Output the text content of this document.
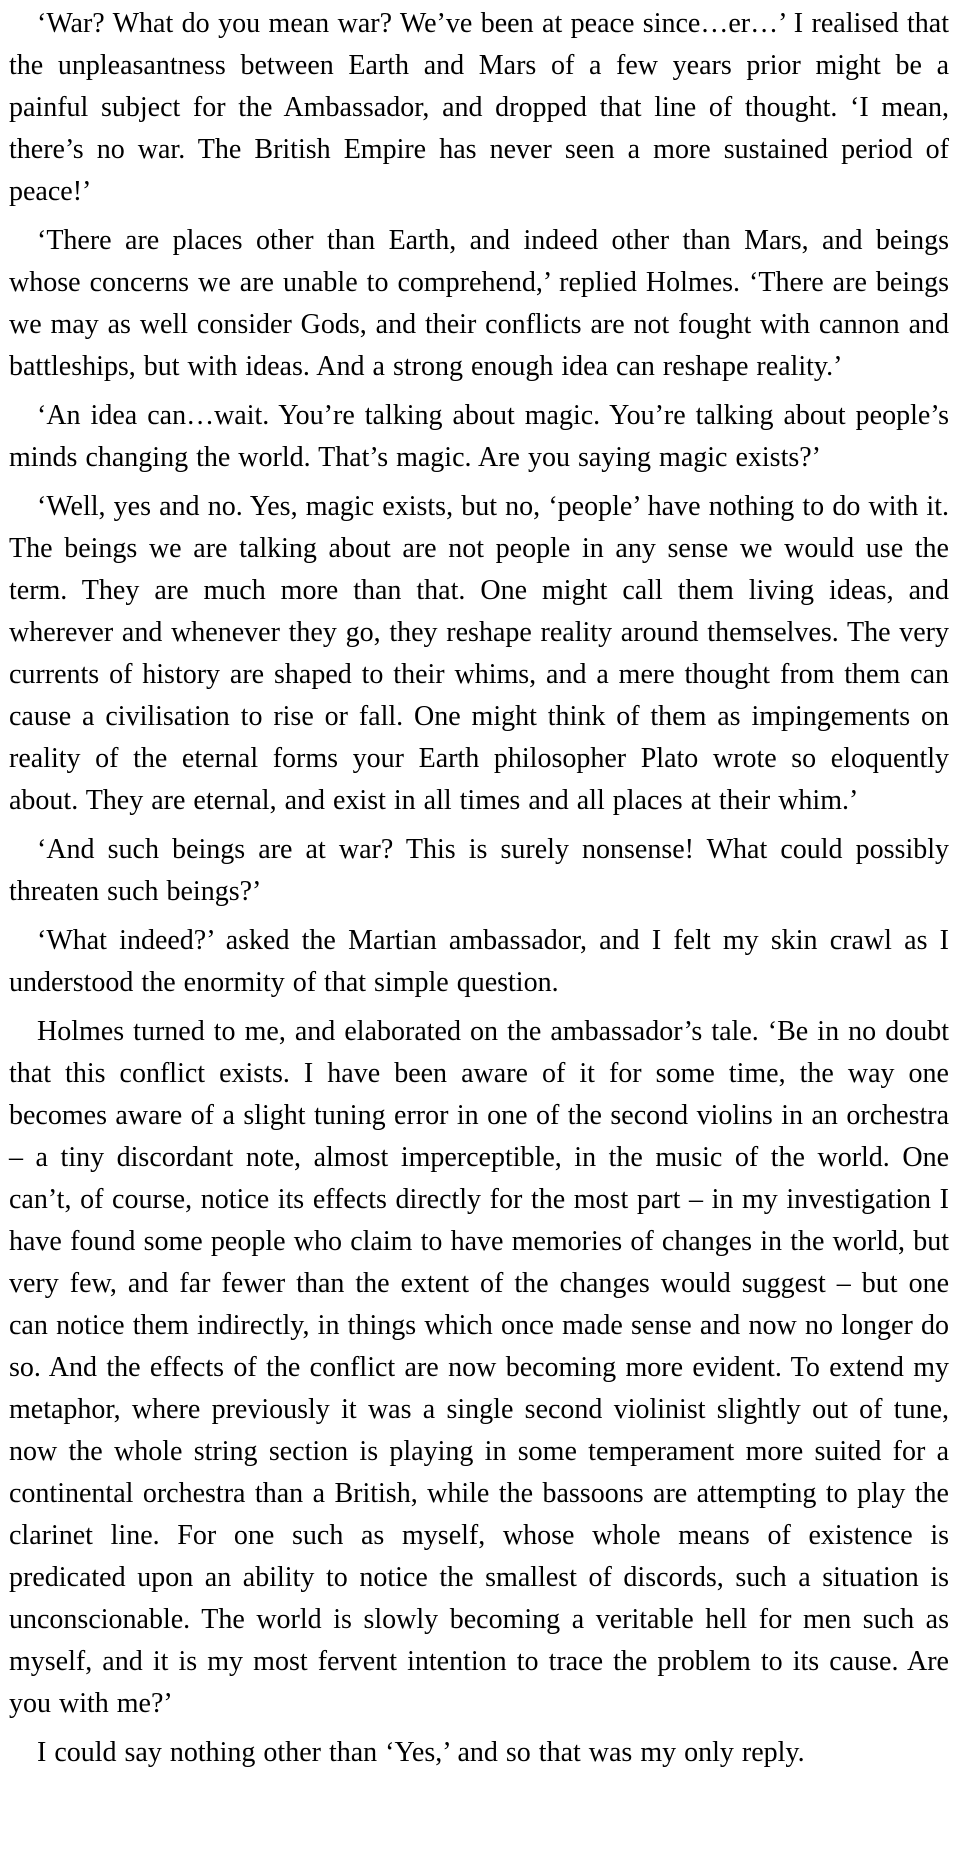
‘War? What do you mean war? We’ve been at peace since…er…’ I realised that the unpleasantness between Earth and Mars of a few years prior might be a painful subject for the Ambassador, and dropped that line of thought. ‘I mean, there’s no war. The British Empire has never seen a more sustained period of peace!’

‘There are places other than Earth, and indeed other than Mars, and beings whose concerns we are unable to comprehend,’ replied Holmes. ‘There are beings we may as well consider Gods, and their conflicts are not fought with cannon and battleships, but with ideas. And a strong enough idea can reshape reality.’

‘An idea can…wait. You’re talking about magic. You’re talking about people’s minds changing the world. That’s magic. Are you saying magic exists?’

‘Well, yes and no. Yes, magic exists, but no, ‘people’ have nothing to do with it. The beings we are talking about are not people in any sense we would use the term. They are much more than that. One might call them living ideas, and wherever and whenever they go, they reshape reality around themselves. The very currents of history are shaped to their whims, and a mere thought from them can cause a civilisation to rise or fall. One might think of them as impingements on reality of the eternal forms your Earth philosopher Plato wrote so eloquently about. They are eternal, and exist in all times and all places at their whim.’

‘And such beings are at war? This is surely nonsense! What could possibly threaten such beings?’

‘What indeed?’ asked the Martian ambassador, and I felt my skin crawl as I understood the enormity of that simple question.

Holmes turned to me, and elaborated on the ambassador’s tale. ‘Be in no doubt that this conflict exists. I have been aware of it for some time, the way one becomes aware of a slight tuning error in one of the second violins in an orchestra – a tiny discordant note, almost imperceptible, in the music of the world. One can’t, of course, notice its effects directly for the most part – in my investigation I have found some people who claim to have memories of changes in the world, but very few, and far fewer than the extent of the changes would suggest – but one can notice them indirectly, in things which once made sense and now no longer do so. And the effects of the conflict are now becoming more evident. To extend my metaphor, where previously it was a single second violinist slightly out of tune, now the whole string section is playing in some temperament more suited for a continental orchestra than a British, while the bassoons are attempting to play the clarinet line. For one such as myself, whose whole means of existence is predicated upon an ability to notice the smallest of discords, such a situation is unconscionable. The world is slowly becoming a veritable hell for men such as myself, and it is my most fervent intention to trace the problem to its cause. Are you with me?’

I could say nothing other than ‘Yes,’ and so that was my only reply.
